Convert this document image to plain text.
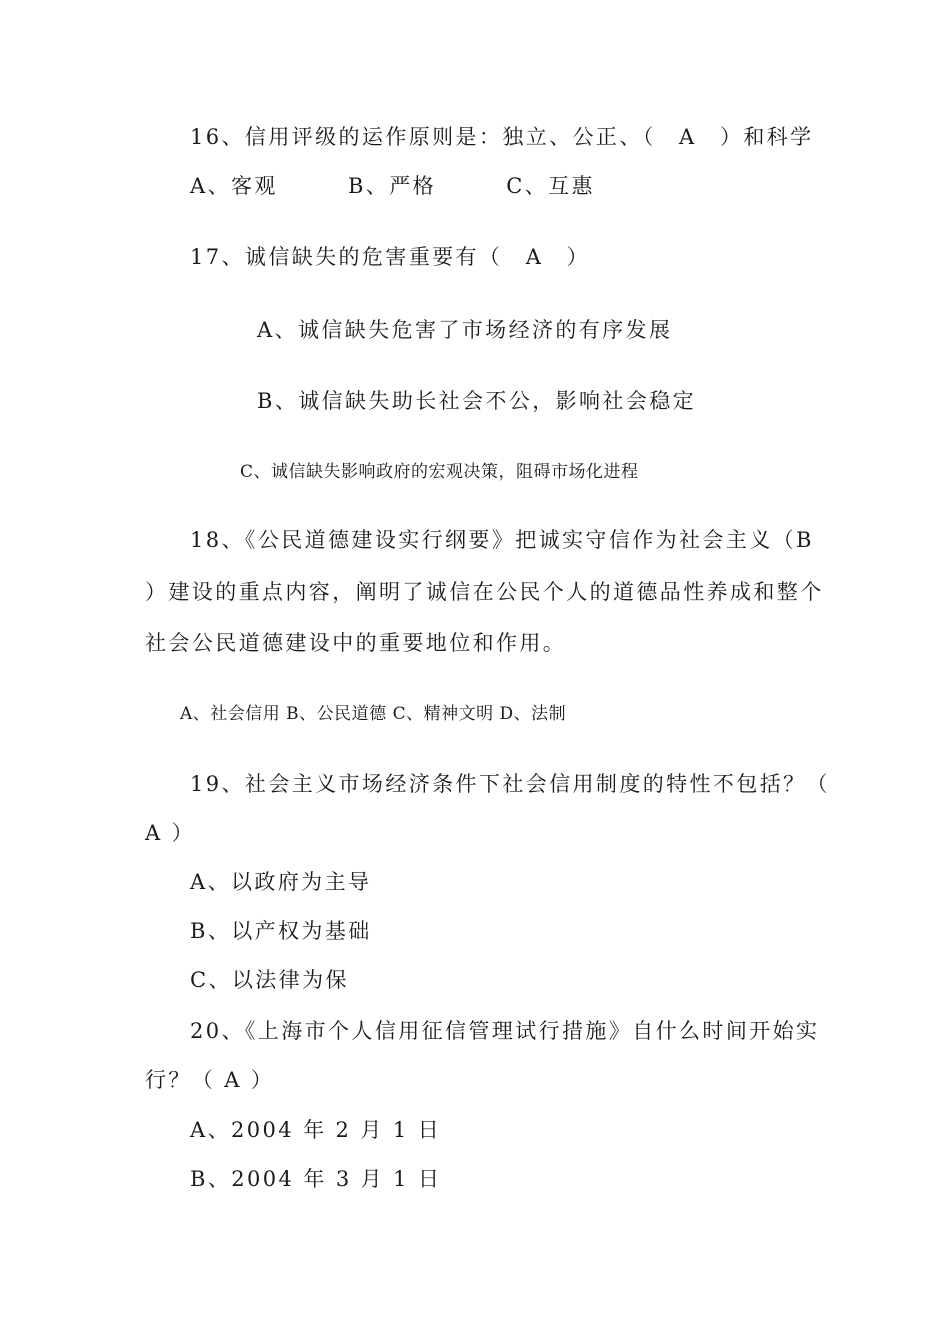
16、信用评级的运作原则是：独立、公正、（　A　）和科学
A、客观　　　B、严格　　　C、互惠
17、诚信缺失的危害重要有（　A　）
A、诚信缺失危害了市场经济的有序发展
B、诚信缺失助长社会不公，影响社会稳定
C、诚信缺失影响政府的宏观决策，阻碍市场化进程
18、《公民道德建设实行纲要》把诚实守信作为社会主义（B
）建设的重点内容，阐明了诚信在公民个人的道德品性养成和整个
社会公民道德建设中的重要地位和作用。
A、社会信用 B、公民道德 C、精神文明 D、法制
19、社会主义市场经济条件下社会信用制度的特性不包括？（
A ）
A、以政府为主导
B、以产权为基础
C、以法律为保
20、《上海市个人信用征信管理试行措施》自什么时间开始实
行？（ A ）
A、2004 年 2 月 1 日
B、2004 年 3 月 1 日
